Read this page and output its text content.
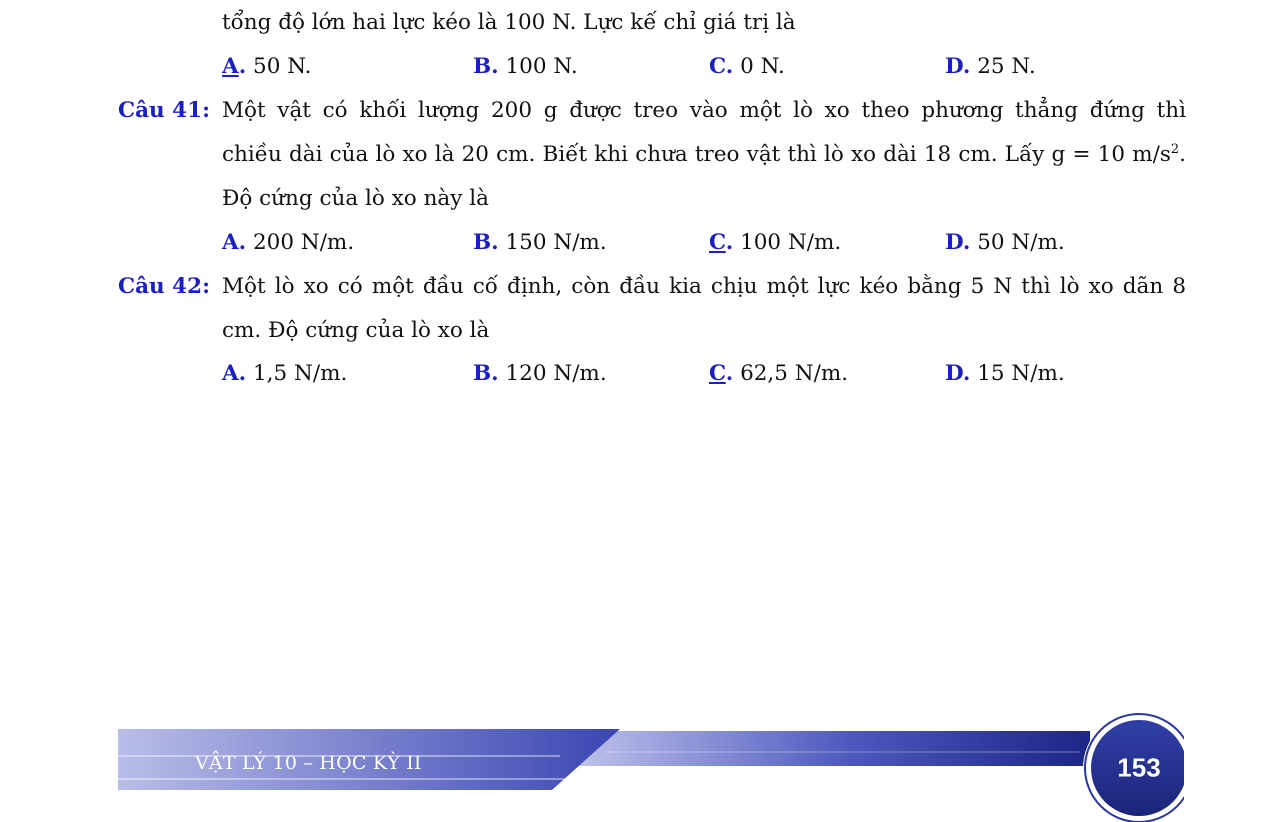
tổng độ lớn hai lực kéo là 100 N. Lực kế chỉ giá trị là
A. 50 N.	B. 100 N.	C. 0 N.	D. 25 N.
Câu 41: Một vật có khối lượng 200 g được treo vào một lò xo theo phương thẳng đứng thì
chiều dài của lò xo là 20 cm. Biết khi chưa treo vật thì lò xo dài 18 cm. Lấy g = 10 $m/s^2$.
Độ cứng của lò xo này là
A. 200 N/m.	B. 150 N/m.	C. 100 N/m.	D. 50 N/m.
Câu 42: Một lò xo có một đầu cố định, còn đầu kia chịu một lực kéo bằng 5 N thì lò xo dãn 8
cm. Độ cứng của lò xo là
A. 1,5 N/m.	B. 120 N/m.	C. 62,5 N/m.	D. 15 N/m.
VẬT LÝ 10 – HỌC KỲ II	153
